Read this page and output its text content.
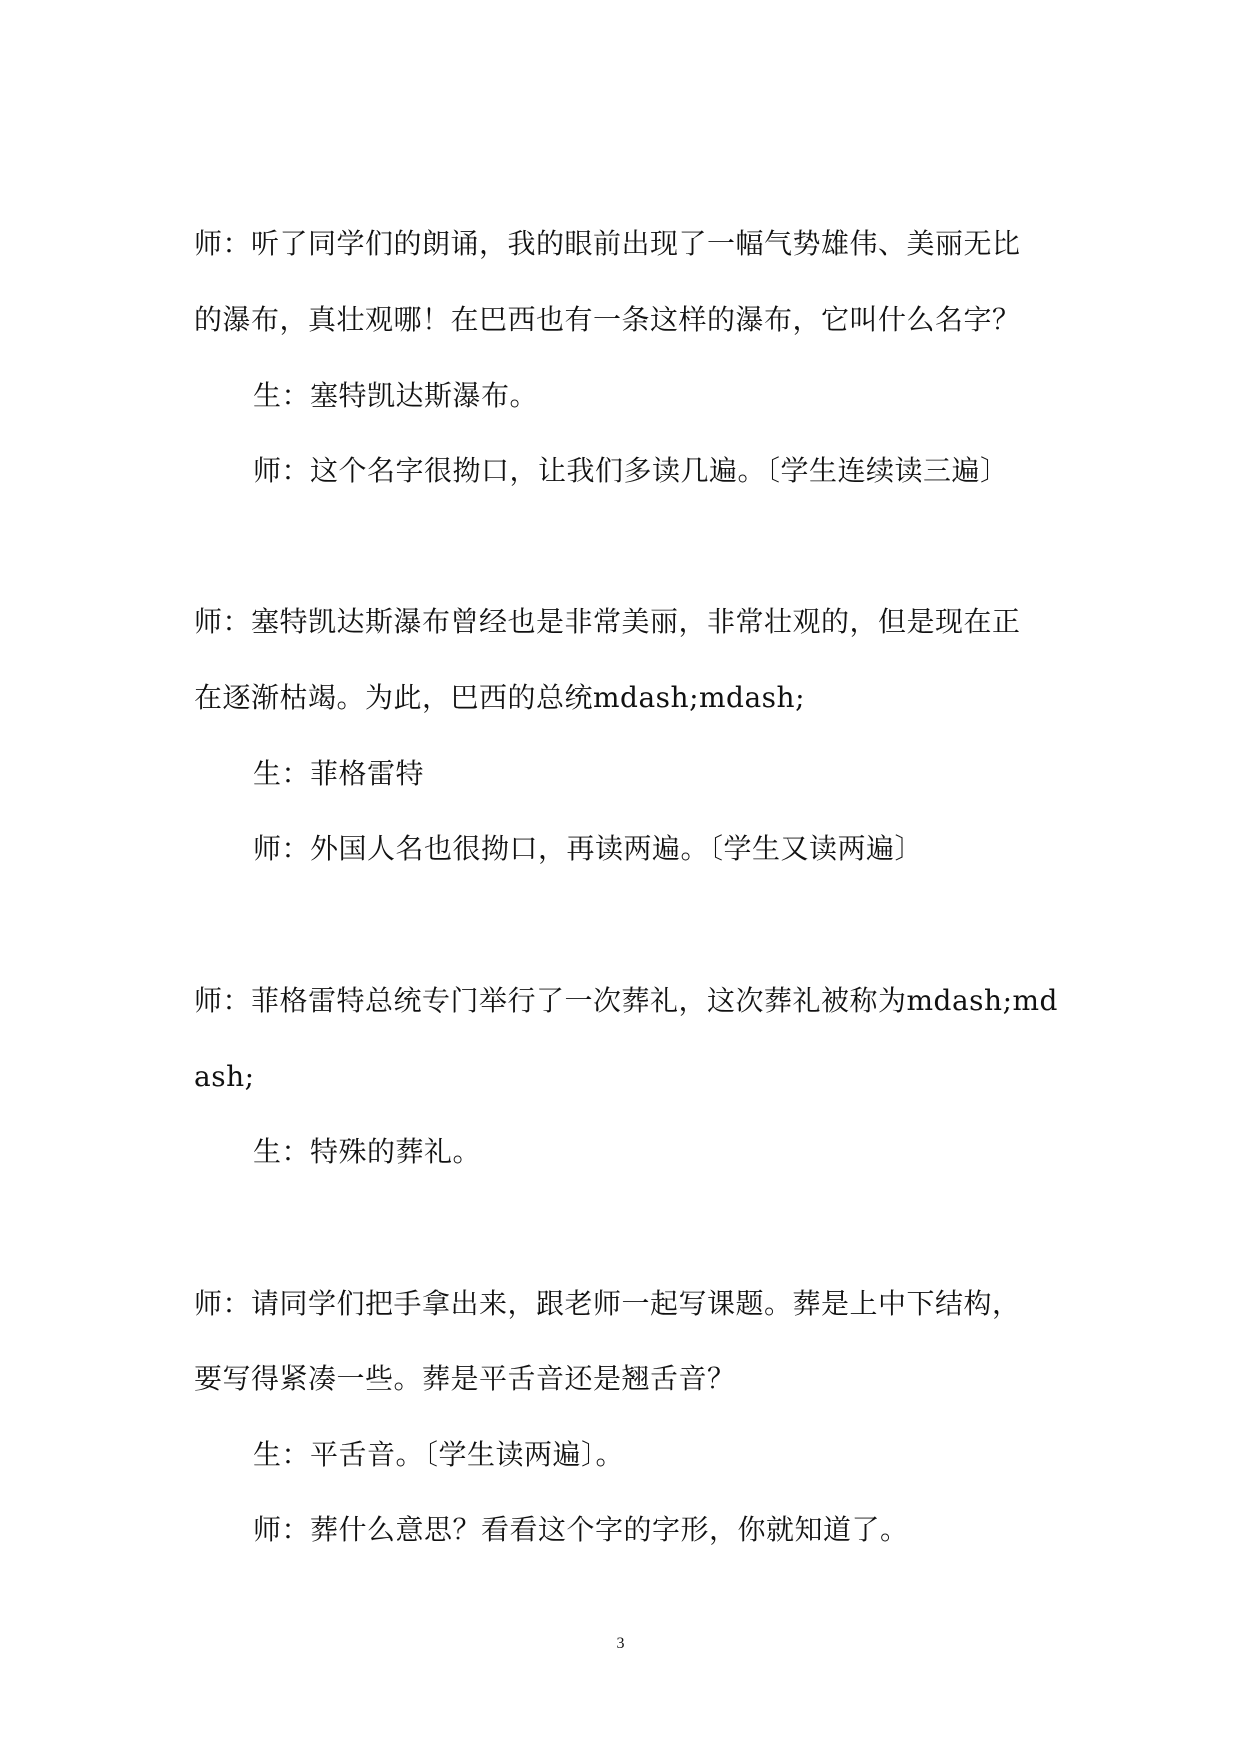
师：听了同学们的朗诵，我的眼前出现了一幅气势雄伟、美丽无比
的瀑布，真壮观哪！在巴西也有一条这样的瀑布，它叫什么名字？
生：塞特凯达斯瀑布。
师：这个名字很拗口，让我们多读几遍。〔学生连续读三遍〕
师：塞特凯达斯瀑布曾经也是非常美丽，非常壮观的，但是现在正
在逐渐枯竭。为此，巴西的总统mdash;mdash;
生：菲格雷特
师：外国人名也很拗口，再读两遍。〔学生又读两遍〕
师：菲格雷特总统专门举行了一次葬礼，这次葬礼被称为mdash;md
ash;
生：特殊的葬礼。
师：请同学们把手拿出来，跟老师一起写课题。葬是上中下结构，
要写得紧凑一些。葬是平舌音还是翘舌音？
生：平舌音。〔学生读两遍〕。
师：葬什么意思？看看这个字的字形，你就知道了。
3
